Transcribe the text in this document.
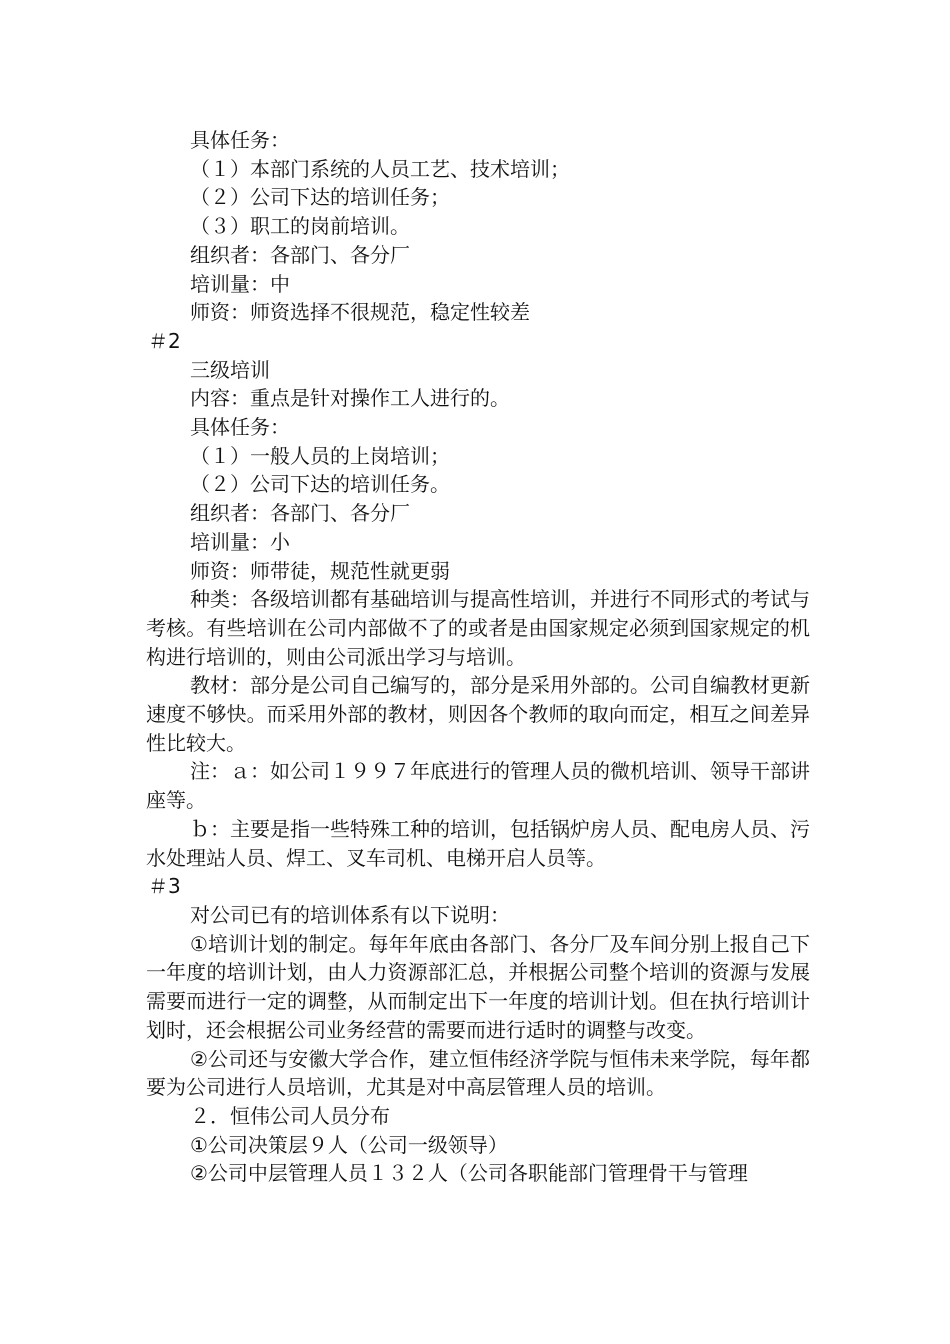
具体任务：
（１）本部门系统的人员工艺、技术培训；
（２）公司下达的培训任务；
（３）职工的岗前培训。
组织者：各部门、各分厂
培训量：中
师资：师资选择不很规范，稳定性较差
＃2
三级培训
内容：重点是针对操作工人进行的。
具体任务：
（１）一般人员的上岗培训；
（２）公司下达的培训任务。
组织者：各部门、各分厂
培训量：小
师资：师带徒，规范性就更弱
种类：各级培训都有基础培训与提高性培训，并进行不同形式的考试与考核。有些培训在公司内部做不了的或者是由国家规定必须到国家规定的机构进行培训的，则由公司派出学习与培训。
教材：部分是公司自己编写的，部分是采用外部的。公司自编教材更新速度不够快。而采用外部的教材，则因各个教师的取向而定，相互之间差异性比较大。
注：ａ：如公司１９９７年底进行的管理人员的微机培训、领导干部讲座等。
ｂ：主要是指一些特殊工种的培训，包括锅炉房人员、配电房人员、污水处理站人员、焊工、叉车司机、电梯开启人员等。
＃3
对公司已有的培训体系有以下说明：
①培训计划的制定。每年年底由各部门、各分厂及车间分别上报自己下一年度的培训计划，由人力资源部汇总，并根据公司整个培训的资源与发展需要而进行一定的调整，从而制定出下一年度的培训计划。但在执行培训计划时，还会根据公司业务经营的需要而进行适时的调整与改变。
②公司还与安徽大学合作，建立恒伟经济学院与恒伟未来学院，每年都要为公司进行人员培训，尤其是对中高层管理人员的培训。
２．恒伟公司人员分布
①公司决策层９人（公司一级领导）
②公司中层管理人员１３２人（公司各职能部门管理骨干与管理
